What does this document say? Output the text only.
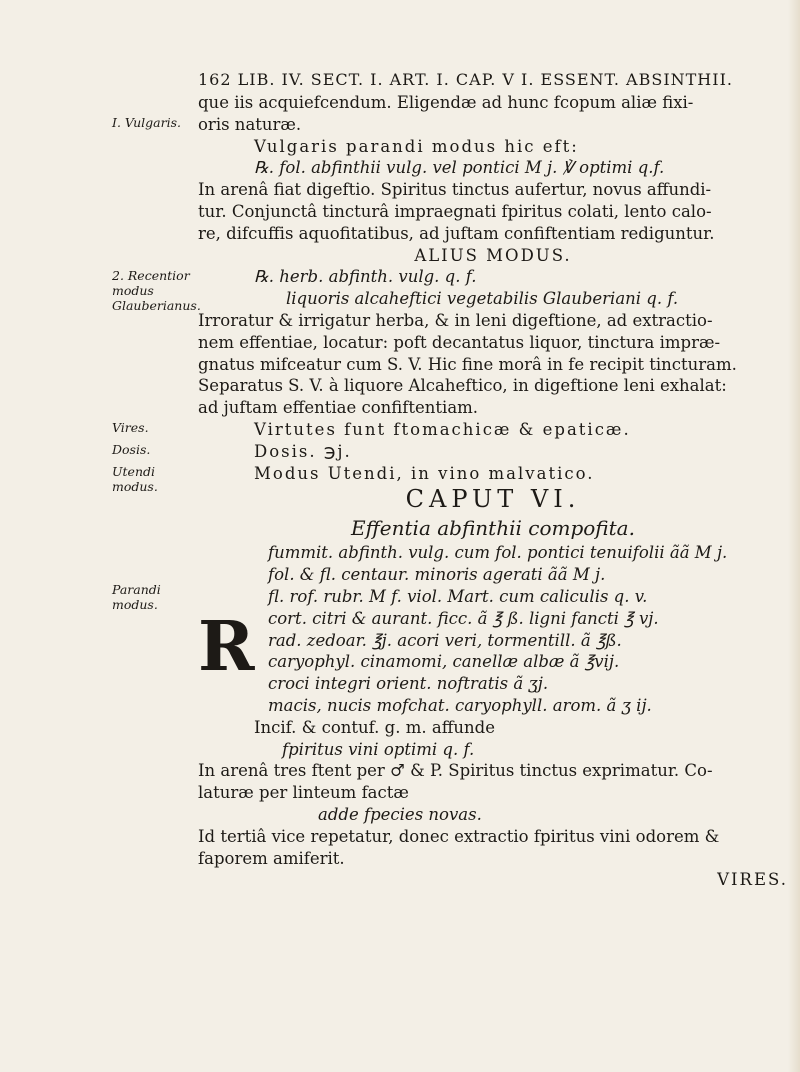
162 LIB. IV. SECT. I. ART. I. CAP. V I. ESSENT. ABSINTHII.
I. Vulgaris.
2. Recentior modus Glauberianus.
Vires.
Dosis.
Utendi modus.
Parandi modus.
R
que iis acquiefcendum. Eligendæ ad hunc fcopum aliæ fixi-
oris naturæ.
Vulgaris parandi modus hic eft:
℞. fol. abfinthii vulg. vel pontici M j. ℣ optimi q.f.
In arenâ fiat digeftio. Spiritus tinctus aufertur, novus affundi-
tur. Conjunctâ tincturâ impraegnati fpiritus colati, lento calo-
re, difcuffis aquofitatibus, ad juftam confiftentiam rediguntur.
ALIUS MODUS.
℞. herb. abfinth. vulg. q. f.
liquoris alcaheftici vegetabilis Glauberiani q. f.
Irroratur & irrigatur herba, & in leni digeftione, ad extractio-
nem effentiae, locatur: poft decantatus liquor, tinctura impræ-
gnatus mifceatur cum S. V. Hic fine morâ in fe recipit tincturam.
Separatus S. V. à liquore Alcaheftico, in digeftione leni exhalat:
ad juftam effentiae confiftentiam.
Virtutes funt ftomachicæ & epaticæ.
Dosis. ℈j.
Modus Utendi, in vino malvatico.
CAPUT VI.
Effentia abfinthii compofita.
fummit. abfinth. vulg. cum fol. pontici tenuifolii ãã M j.
fol. & fl. centaur. minoris agerati ãã M j.
fl. rof. rubr. M f. viol. Mart. cum caliculis q. v.
cort. citri & aurant. ficc. ã ℥ ß. ligni fancti ℥ vj.
rad. zedoar. ℥j. acori veri, tormentill. ã ℥ß.
caryophyl. cinamomi, canellæ albæ ã ℥vij.
croci integri orient. noftratis ã ʒj.
macis, nucis mofchat. caryophyll. arom. ã ʒ ij.
Incif. & contuf. g. m. affunde
fpiritus vini optimi q. f.
In arenâ tres ftent per ♂ & P. Spiritus tinctus exprimatur. Co-
laturæ per linteum factæ
adde fpecies novas.
Id tertiâ vice repetatur, donec extractio fpiritus vini odorem &
faporem amiferit.
VIRES.
